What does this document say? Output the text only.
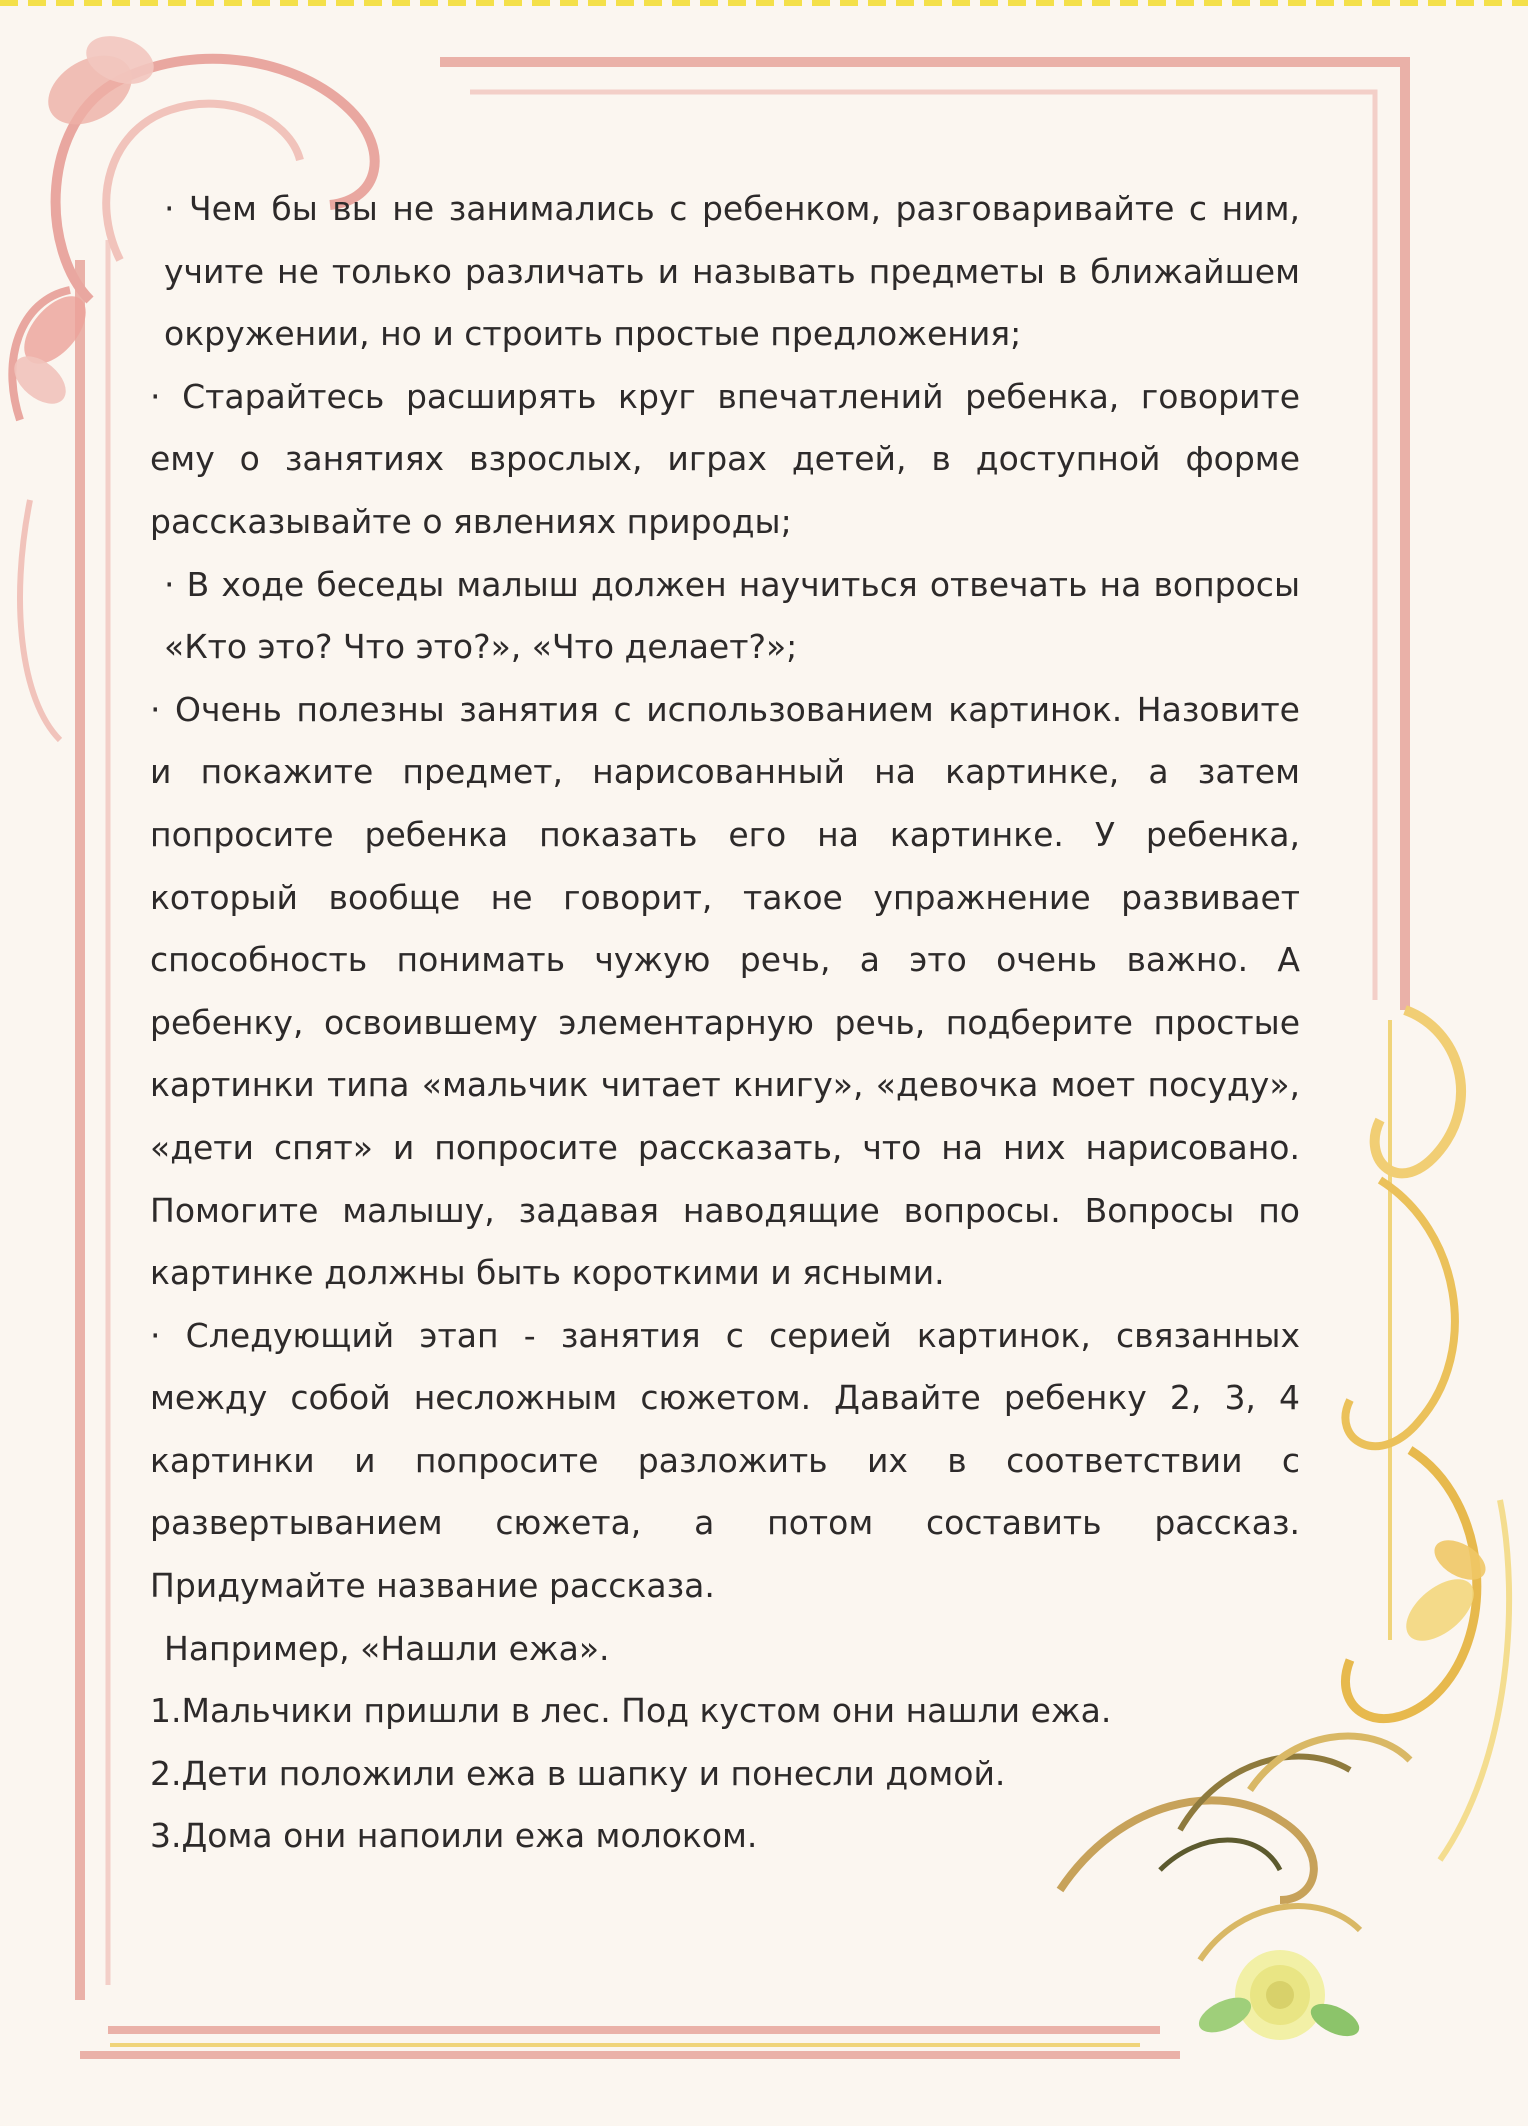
· Чем бы вы не занимались с ребенком, разговаривайте с ним, учите не только различать и называть предметы в ближайшем окружении, но и строить простые предложения;

· Старайтесь расширять круг впечатлений ребенка, говорите ему о занятиях взрослых, играх детей, в доступной форме рассказывайте о явлениях природы;

· В ходе беседы малыш должен научиться отвечать на вопросы «Кто это? Что это?», «Что делает?»;

· Очень полезны занятия с использованием картинок. Назовите и покажите предмет, нарисованный на картинке, а затем попросите ребенка показать его на картинке. У ребенка, который вообще не говорит, такое упражнение развивает способность понимать чужую речь, а это очень важно. А ребенку, освоившему элементарную речь, подберите простые картинки типа «мальчик читает книгу», «девочка моет посуду», «дети спят» и попросите рассказать, что на них нарисовано. Помогите малышу, задавая наводящие вопросы. Вопросы по картинке должны быть короткими и ясными.

· Следующий этап - занятия с серией картинок, связанных между собой несложным сюжетом. Давайте ребенку 2, 3, 4 картинки и попросите разложить их в соответствии с развертыванием сюжета, а потом составить рассказ. Придумайте название рассказа.

Например, «Нашли ежа».

1.Мальчики пришли в лес. Под кустом они нашли ежа.

2.Дети положили ежа в шапку и понесли домой.

3.Дома они напоили ежа молоком.
